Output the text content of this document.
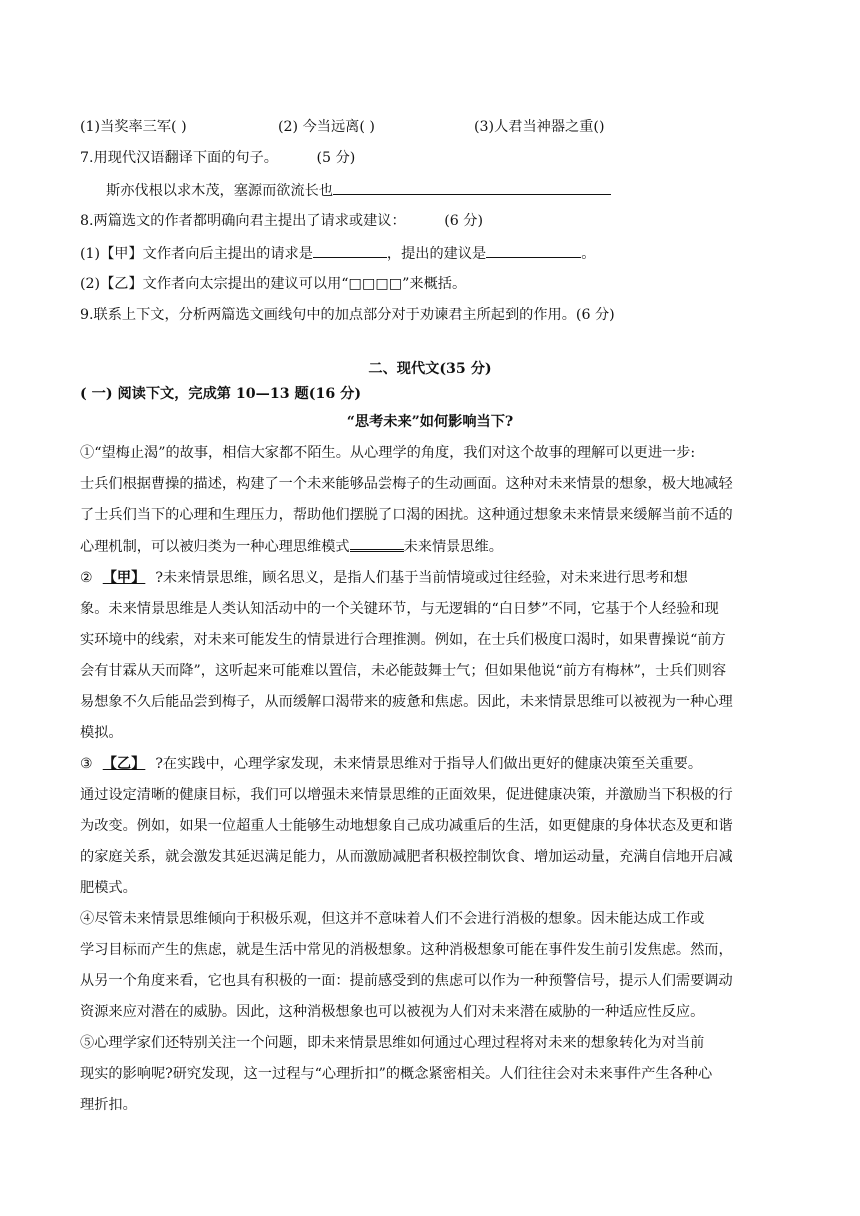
(1)当奖率三军( )	(2) 今当远离( )	(3)人君当神器之重()
7.用现代汉语翻译下面的句子。	(5 分)
斯亦伐根以求木茂，塞源而欲流长也
8.两篇选文的作者都明确向君主提出了请求或建议：	(6 分)
(1)【甲】文作者向后主提出的请求是	，提出的建议是	。
(2)【乙】文作者向太宗提出的建议可以用“□□□□”来概括。
9.联系上下文，分析两篇选文画线句中的加点部分对于劝谏君主所起到的作用。(6 分)
二、现代文(35 分)
( 一) 阅读下文，完成第 10—13 题(16 分)
“思考未来”如何影响当下?
①“望梅止渴”的故事，相信大家都不陌生。从心理学的角度，我们对这个故事的理解可以更进一步:
士兵们根据曹操的描述，构建了一个未来能够品尝梅子的生动画面。这种对未来情景的想象，极大地减轻
了士兵们当下的心理和生理压力，帮助他们摆脱了口渴的困扰。这种通过想象未来情景来缓解当前不适的
心理机制，可以被归类为一种心理思维模式	未来情景思维。
② 【甲】 ?未来情景思维，顾名思义，是指人们基于当前情境或过往经验，对未来进行思考和想
象。未来情景思维是人类认知活动中的一个关键环节，与无逻辑的“白日梦”不同，它基于个人经验和现
实环境中的线索，对未来可能发生的情景进行合理推测。例如，在士兵们极度口渴时，如果曹操说“前方
会有甘霖从天而降”，这听起来可能难以置信，未必能鼓舞士气；但如果他说“前方有梅林”，士兵们则容
易想象不久后能品尝到梅子，从而缓解口渴带来的疲惫和焦虑。因此，未来情景思维可以被视为一种心理
模拟。
③ 【乙】 ?在实践中，心理学家发现，未来情景思维对于指导人们做出更好的健康决策至关重要。
通过设定清晰的健康目标，我们可以增强未来情景思维的正面效果，促进健康决策，并激励当下积极的行
为改变。例如，如果一位超重人士能够生动地想象自己成功减重后的生活，如更健康的身体状态及更和谐
的家庭关系，就会激发其延迟满足能力，从而激励减肥者积极控制饮食、增加运动量，充满自信地开启减
肥模式。
④尽管未来情景思维倾向于积极乐观，但这并不意味着人们不会进行消极的想象。因未能达成工作或
学习目标而产生的焦虑，就是生活中常见的消极想象。这种消极想象可能在事件发生前引发焦虑。然而，
从另一个角度来看，它也具有积极的一面：提前感受到的焦虑可以作为一种预警信号，提示人们需要调动
资源来应对潜在的威胁。因此，这种消极想象也可以被视为人们对未来潜在威胁的一种适应性反应。
⑤心理学家们还特别关注一个问题，即未来情景思维如何通过心理过程将对未来的想象转化为对当前
现实的影响呢?研究发现，这一过程与“心理折扣”的概念紧密相关。人们往往会对未来事件产生各种心
理折扣。
